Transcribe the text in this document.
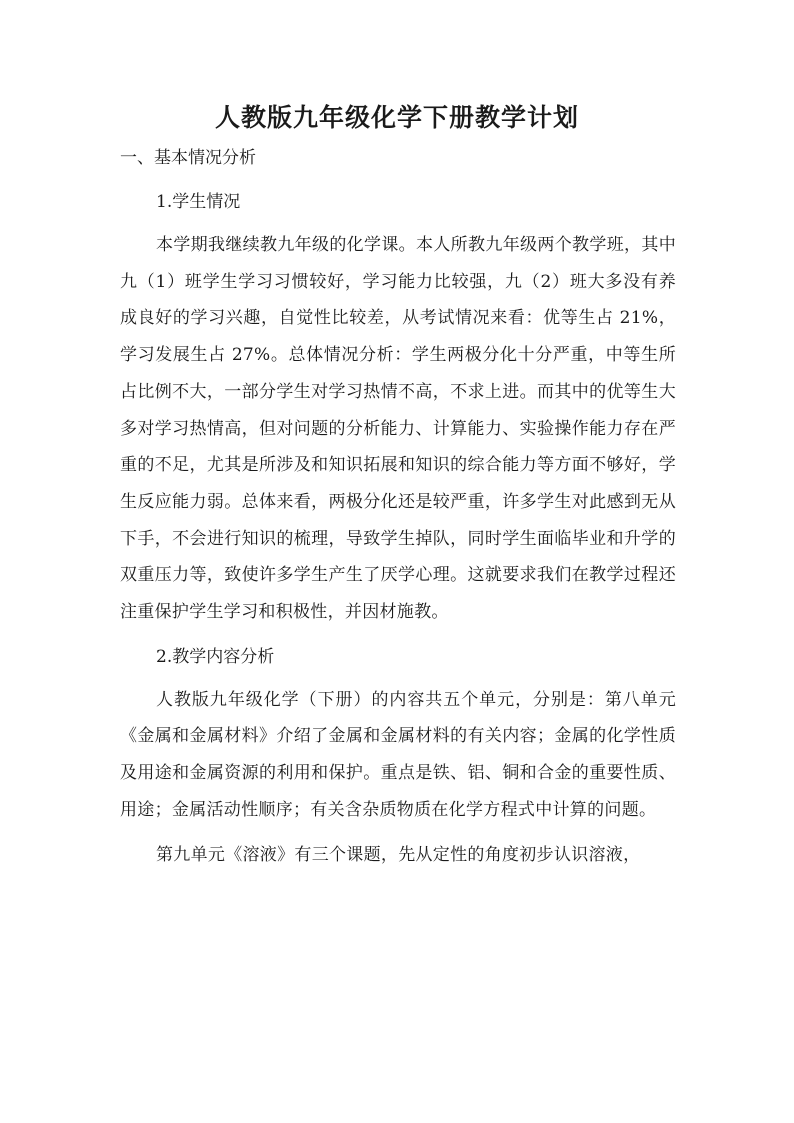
人教版九年级化学下册教学计划
一、基本情况分析
1.学生情况

本学期我继续教九年级的化学课。本人所教九年级两个教学班，其中九（1）班学生学习习惯较好，学习能力比较强，九（2）班大多没有养成良好的学习兴趣，自觉性比较差，从考试情况来看：优等生占 21%，学习发展生占 27%。总体情况分析：学生两极分化十分严重，中等生所占比例不大，一部分学生对学习热情不高，不求上进。而其中的优等生大多对学习热情高，但对问题的分析能力、计算能力、实验操作能力存在严重的不足，尤其是所涉及和知识拓展和知识的综合能力等方面不够好，学生反应能力弱。总体来看，两极分化还是较严重，许多学生对此感到无从下手，不会进行知识的梳理，导致学生掉队，同时学生面临毕业和升学的双重压力等，致使许多学生产生了厌学心理。这就要求我们在教学过程还注重保护学生学习和积极性，并因材施教。

2.教学内容分析

人教版九年级化学（下册）的内容共五个单元，分别是：第八单元《金属和金属材料》介绍了金属和金属材料的有关内容；金属的化学性质及用途和金属资源的利用和保护。重点是铁、铝、铜和合金的重要性质、用途；金属活动性顺序；有关含杂质物质在化学方程式中计算的问题。

第九单元《溶液》有三个课题，先从定性的角度初步认识溶液，
